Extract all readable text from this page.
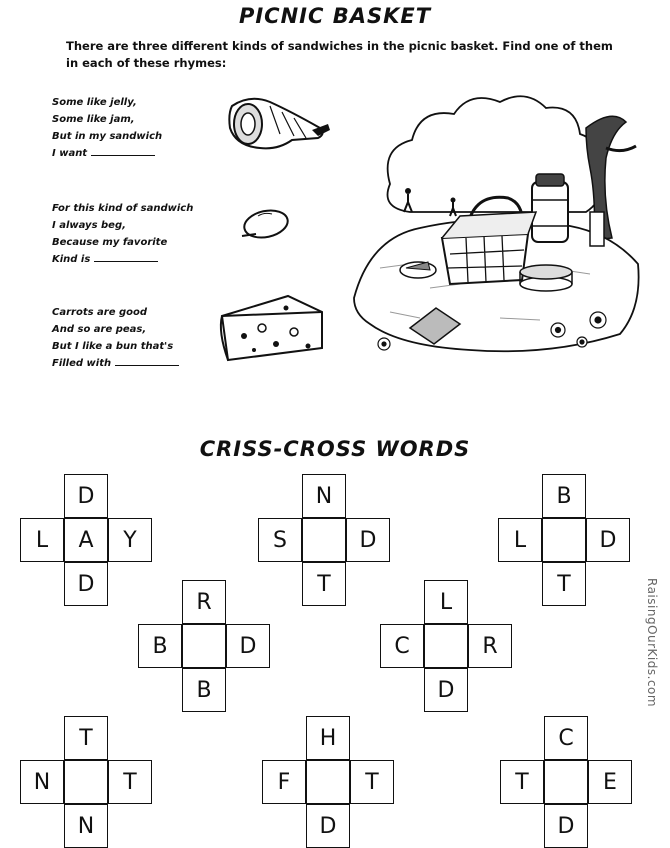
PICNIC BASKET
There are three different kinds of sandwiches in the picnic basket. Find one of them in each of these rhymes:
Some like jelly,
Some like jam,
But in my sandwich
I want
For this kind of sandwich
I always beg,
Because my favorite
Kind is
Carrots are good
And so are peas,
But I like a bun that's
Filled with
CRISS-CROSS WORDS
D
L	A	Y
D
N
S	D
T
B
L	D
T
R
B	D
B
L
C	R
D
T
N	T
N
H
F	T
D
C
T	E
D
RaisingOurKids.com
